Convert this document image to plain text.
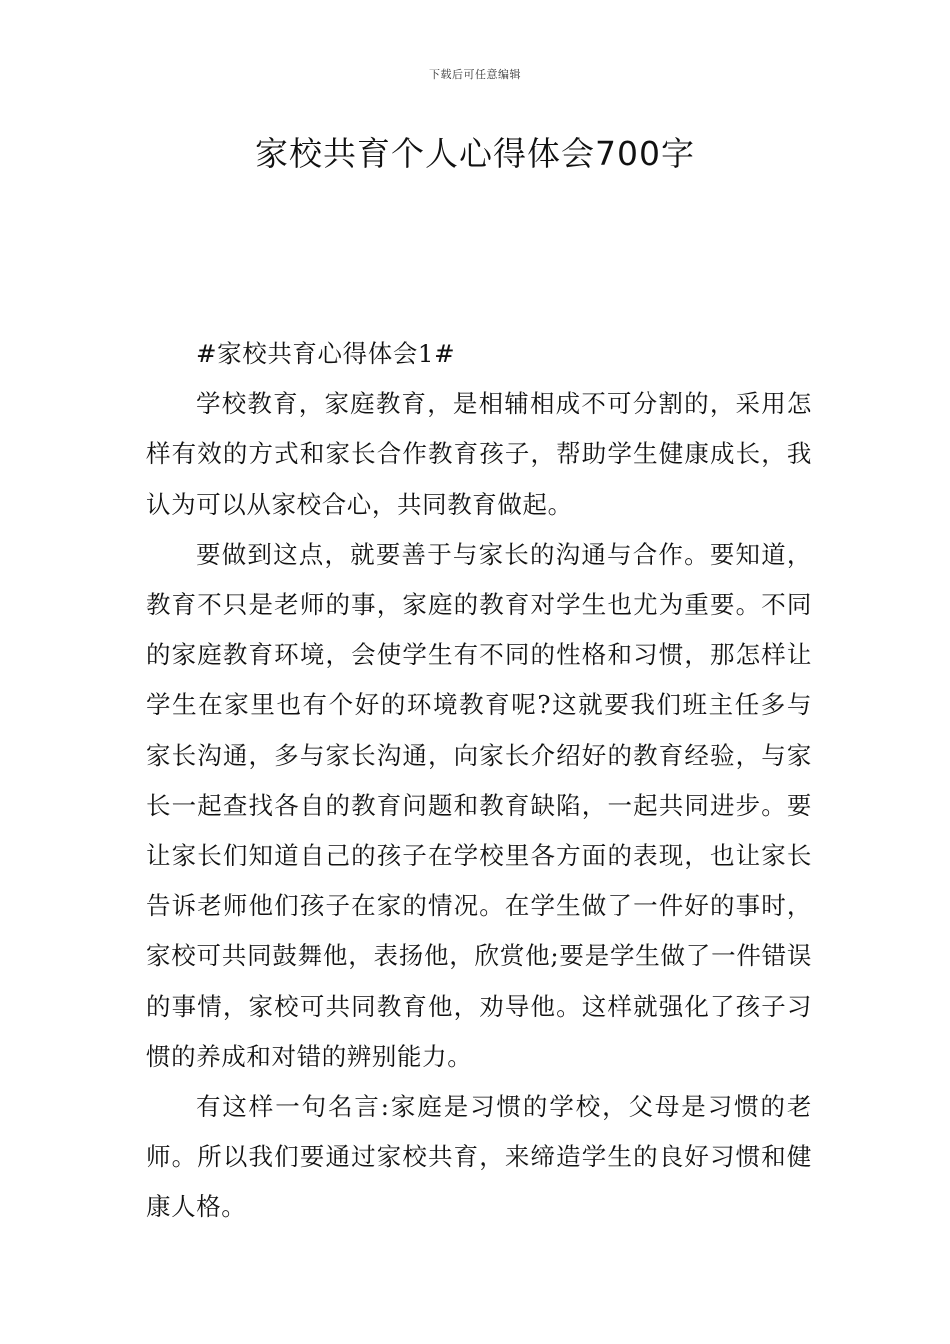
下载后可任意编辑
家校共育个人心得体会700字

#家校共育心得体会1#

学校教育，家庭教育，是相辅相成不可分割的，采用怎样有效的方式和家长合作教育孩子，帮助学生健康成长，我认为可以从家校合心，共同教育做起。

要做到这点，就要善于与家长的沟通与合作。要知道，教育不只是老师的事，家庭的教育对学生也尤为重要。不同的家庭教育环境，会使学生有不同的性格和习惯，那怎样让学生在家里也有个好的环境教育呢?这就要我们班主任多与家长沟通，多与家长沟通，向家长介绍好的教育经验，与家长一起查找各自的教育问题和教育缺陷，一起共同进步。要让家长们知道自己的孩子在学校里各方面的表现，也让家长告诉老师他们孩子在家的情况。在学生做了一件好的事时，家校可共同鼓舞他，表扬他，欣赏他;要是学生做了一件错误的事情，家校可共同教育他，劝导他。这样就强化了孩子习惯的养成和对错的辨别能力。

有这样一句名言:家庭是习惯的学校，父母是习惯的老师。所以我们要通过家校共育，来缔造学生的良好习惯和健康人格。
